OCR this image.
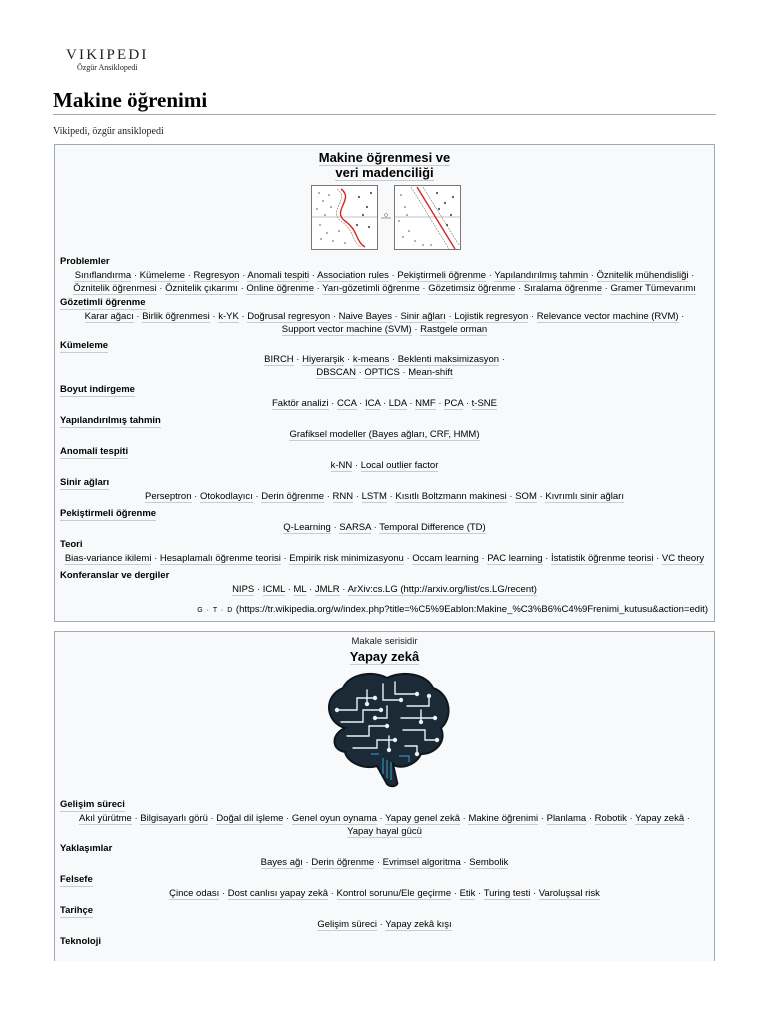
VIKIPEDI
Özgür Ansiklopedi
Makine öğrenimi
Vikipedi, özgür ansiklopedi
Makine öğrenmesi ve
veri madenciliği
Problemler
Sınıflandırma · Kümeleme · Regresyon · Anomali tespiti · Association rules · Pekiştirmeli öğrenme · Yapılandırılmış tahmin · Öznitelik mühendisliği ·
Öznitelik öğrenmesi · Öznitelik çıkarımı · Online öğrenme · Yarı-gözetimli öğrenme · Gözetimsiz öğrenme · Sıralama öğrenme · Gramer Tümevarımı
Gözetimli öğrenme
Karar ağacı · Birlik öğrenmesi · k-YK · Doğrusal regresyon · Naive Bayes · Sinir ağları · Lojistik regresyon · Relevance vector machine (RVM) ·
Support vector machine (SVM) · Rastgele orman
Kümeleme
BIRCH · Hiyerarşik · k-means · Beklenti maksimizasyon ·
DBSCAN · OPTICS · Mean-shift
Boyut indirgeme
Faktör analizi · CCA · ICA · LDA · NMF · PCA · t-SNE
Yapılandırılmış tahmin
Grafiksel modeller (Bayes ağları, CRF, HMM)
Anomali tespiti
k-NN · Local outlier factor
Sinir ağları
Perseptron · Otokodlayıcı · Derin öğrenme · RNN · LSTM · Kısıtlı Boltzmann makinesi · SOM · Kıvrımlı sinir ağları
Pekiştirmeli öğrenme
Q-Learning · SARSA · Temporal Difference (TD)
Teori
Bias-variance ikilemi · Hesaplamalı öğrenme teorisi · Empirik risk minimizasyonu · Occam learning · PAC learning · İstatistik öğrenme teorisi · VC theory
Konferanslar ve dergiler
NIPS · ICML · ML · JMLR · ArXiv:cs.LG (http://arxiv.org/list/cs.LG/recent)
G · T · D (https://tr.wikipedia.org/w/index.php?title=%C5%9Eablon:Makine_%C3%B6%C4%9Frenimi_kutusu&action=edit)
Makale serisidir
Yapay zekâ
Gelişim süreci
Akıl yürütme · Bilgisayarlı görü · Doğal dil işleme · Genel oyun oynama · Yapay genel zekâ · Makine öğrenimi · Planlama · Robotik · Yapay zekâ ·
Yapay hayal gücü
Yaklaşımlar
Bayes ağı · Derin öğrenme · Evrimsel algoritma · Sembolik
Felsefe
Çince odası · Dost canlısı yapay zekâ · Kontrol sorunu/Ele geçirme · Etik · Turing testi · Varoluşsal risk
Tarihçe
Gelişim süreci · Yapay zekâ kışı
Teknoloji
